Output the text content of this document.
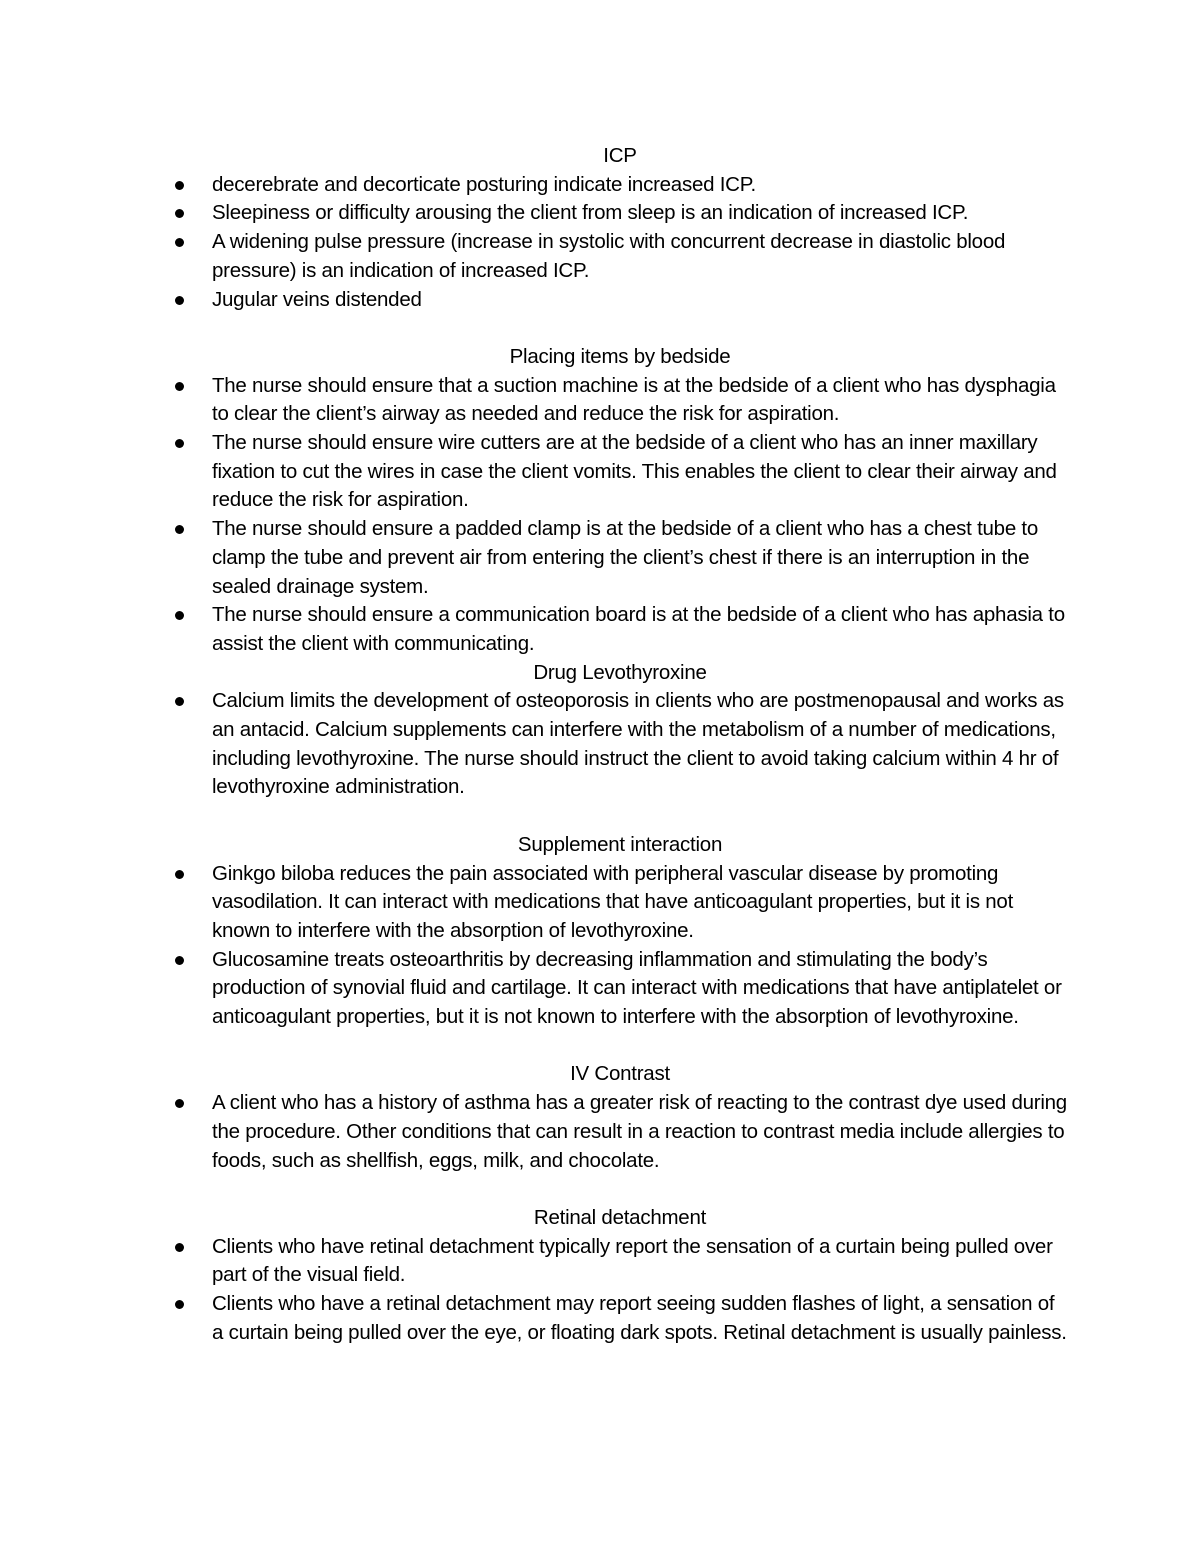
ICP
decerebrate and decorticate posturing indicate increased ICP.
Sleepiness or difficulty arousing the client from sleep is an indication of increased ICP.
A widening pulse pressure (increase in systolic with concurrent decrease in diastolic blood pressure) is an indication of increased ICP.
Jugular veins distended
Placing items by bedside
The nurse should ensure that a suction machine is at the bedside of a client who has dysphagia to clear the client’s airway as needed and reduce the risk for aspiration.
The nurse should ensure wire cutters are at the bedside of a client who has an inner maxillary fixation to cut the wires in case the client vomits. This enables the client to clear their airway and reduce the risk for aspiration.
The nurse should ensure a padded clamp is at the bedside of a client who has a chest tube to clamp the tube and prevent air from entering the client’s chest if there is an interruption in the sealed drainage system.
The nurse should ensure a communication board is at the bedside of a client who has aphasia to assist the client with communicating.
Drug Levothyroxine
Calcium limits the development of osteoporosis in clients who are postmenopausal and works as an antacid. Calcium supplements can interfere with the metabolism of a number of medications, including levothyroxine. The nurse should instruct the client to avoid taking calcium within 4 hr of levothyroxine administration.
Supplement interaction
Ginkgo biloba reduces the pain associated with peripheral vascular disease by promoting vasodilation. It can interact with medications that have anticoagulant properties, but it is not known to interfere with the absorption of levothyroxine.
Glucosamine treats osteoarthritis by decreasing inflammation and stimulating the body’s production of synovial fluid and cartilage. It can interact with medications that have antiplatelet or anticoagulant properties, but it is not known to interfere with the absorption of levothyroxine.
IV Contrast
A client who has a history of asthma has a greater risk of reacting to the contrast dye used during the procedure. Other conditions that can result in a reaction to contrast media include allergies to foods, such as shellfish, eggs, milk, and chocolate.
Retinal detachment
Clients who have retinal detachment typically report the sensation of a curtain being pulled over part of the visual field.
Clients who have a retinal detachment may report seeing sudden flashes of light, a sensation of a curtain being pulled over the eye, or floating dark spots. Retinal detachment is usually painless.
